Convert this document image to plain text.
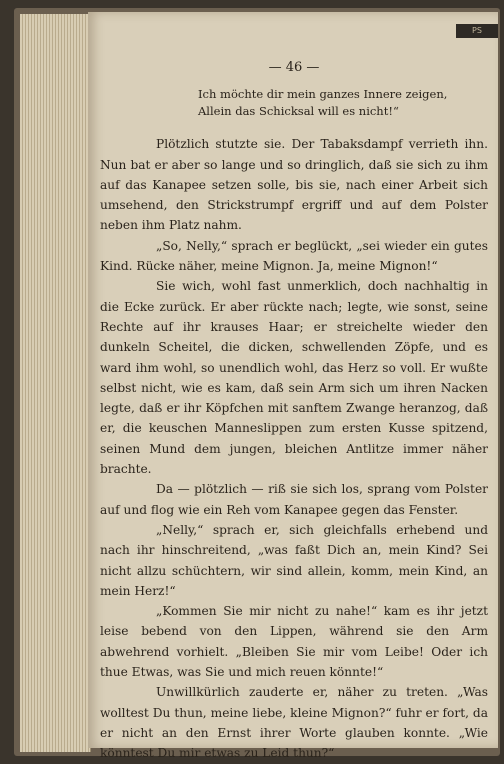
PS
— 46 —
Ich möchte dir mein ganzes Innere zeigen,
Allein das Schicksal will es nicht!“

Plötzlich stutzte sie. Der Tabaksdampf verrieth ihn. Nun bat er aber so lange und so dringlich, daß sie sich zu ihm auf das Kanapee setzen solle, bis sie, nach einer Arbeit sich umsehend, den Strickstrumpf ergriff und auf dem Polster neben ihm Platz nahm.

„So, Nelly,“ sprach er beglückt, „sei wieder ein gutes Kind. Rücke näher, meine Mignon. Ja, meine Mignon!“

Sie wich, wohl fast unmerklich, doch nachhaltig in die Ecke zurück. Er aber rückte nach; legte, wie sonst, seine Rechte auf ihr krauses Haar; er streichelte wieder den dunkeln Scheitel, die dicken, schwellenden Zöpfe, und es ward ihm wohl, so unendlich wohl, das Herz so voll. Er wußte selbst nicht, wie es kam, daß sein Arm sich um ihren Nacken legte, daß er ihr Köpfchen mit sanftem Zwange heranzog, daß er, die keuschen Manneslippen zum ersten Kusse spitzend, seinen Mund dem jungen, bleichen Antlitze immer näher brachte.

Da — plötzlich — riß sie sich los, sprang vom Polster auf und flog wie ein Reh vom Kanapee gegen das Fenster.

„Nelly,“ sprach er, sich gleichfalls erhebend und nach ihr hinschreitend, „was faßt Dich an, mein Kind? Sei nicht allzu schüchtern, wir sind allein, komm, mein Kind, an mein Herz!“

„Kommen Sie mir nicht zu nahe!“ kam es ihr jetzt leise bebend von den Lippen, während sie den Arm abwehrend vorhielt. „Bleiben Sie mir vom Leibe! Oder ich thue Etwas, was Sie und mich reuen könnte!“

Unwillkürlich zauderte er, näher zu treten. „Was wolltest Du thun, meine liebe, kleine Mignon?“ fuhr er fort, da er nicht an den Ernst ihrer Worte glauben konnte. „Wie könntest Du mir etwas zu Leid thun?“
